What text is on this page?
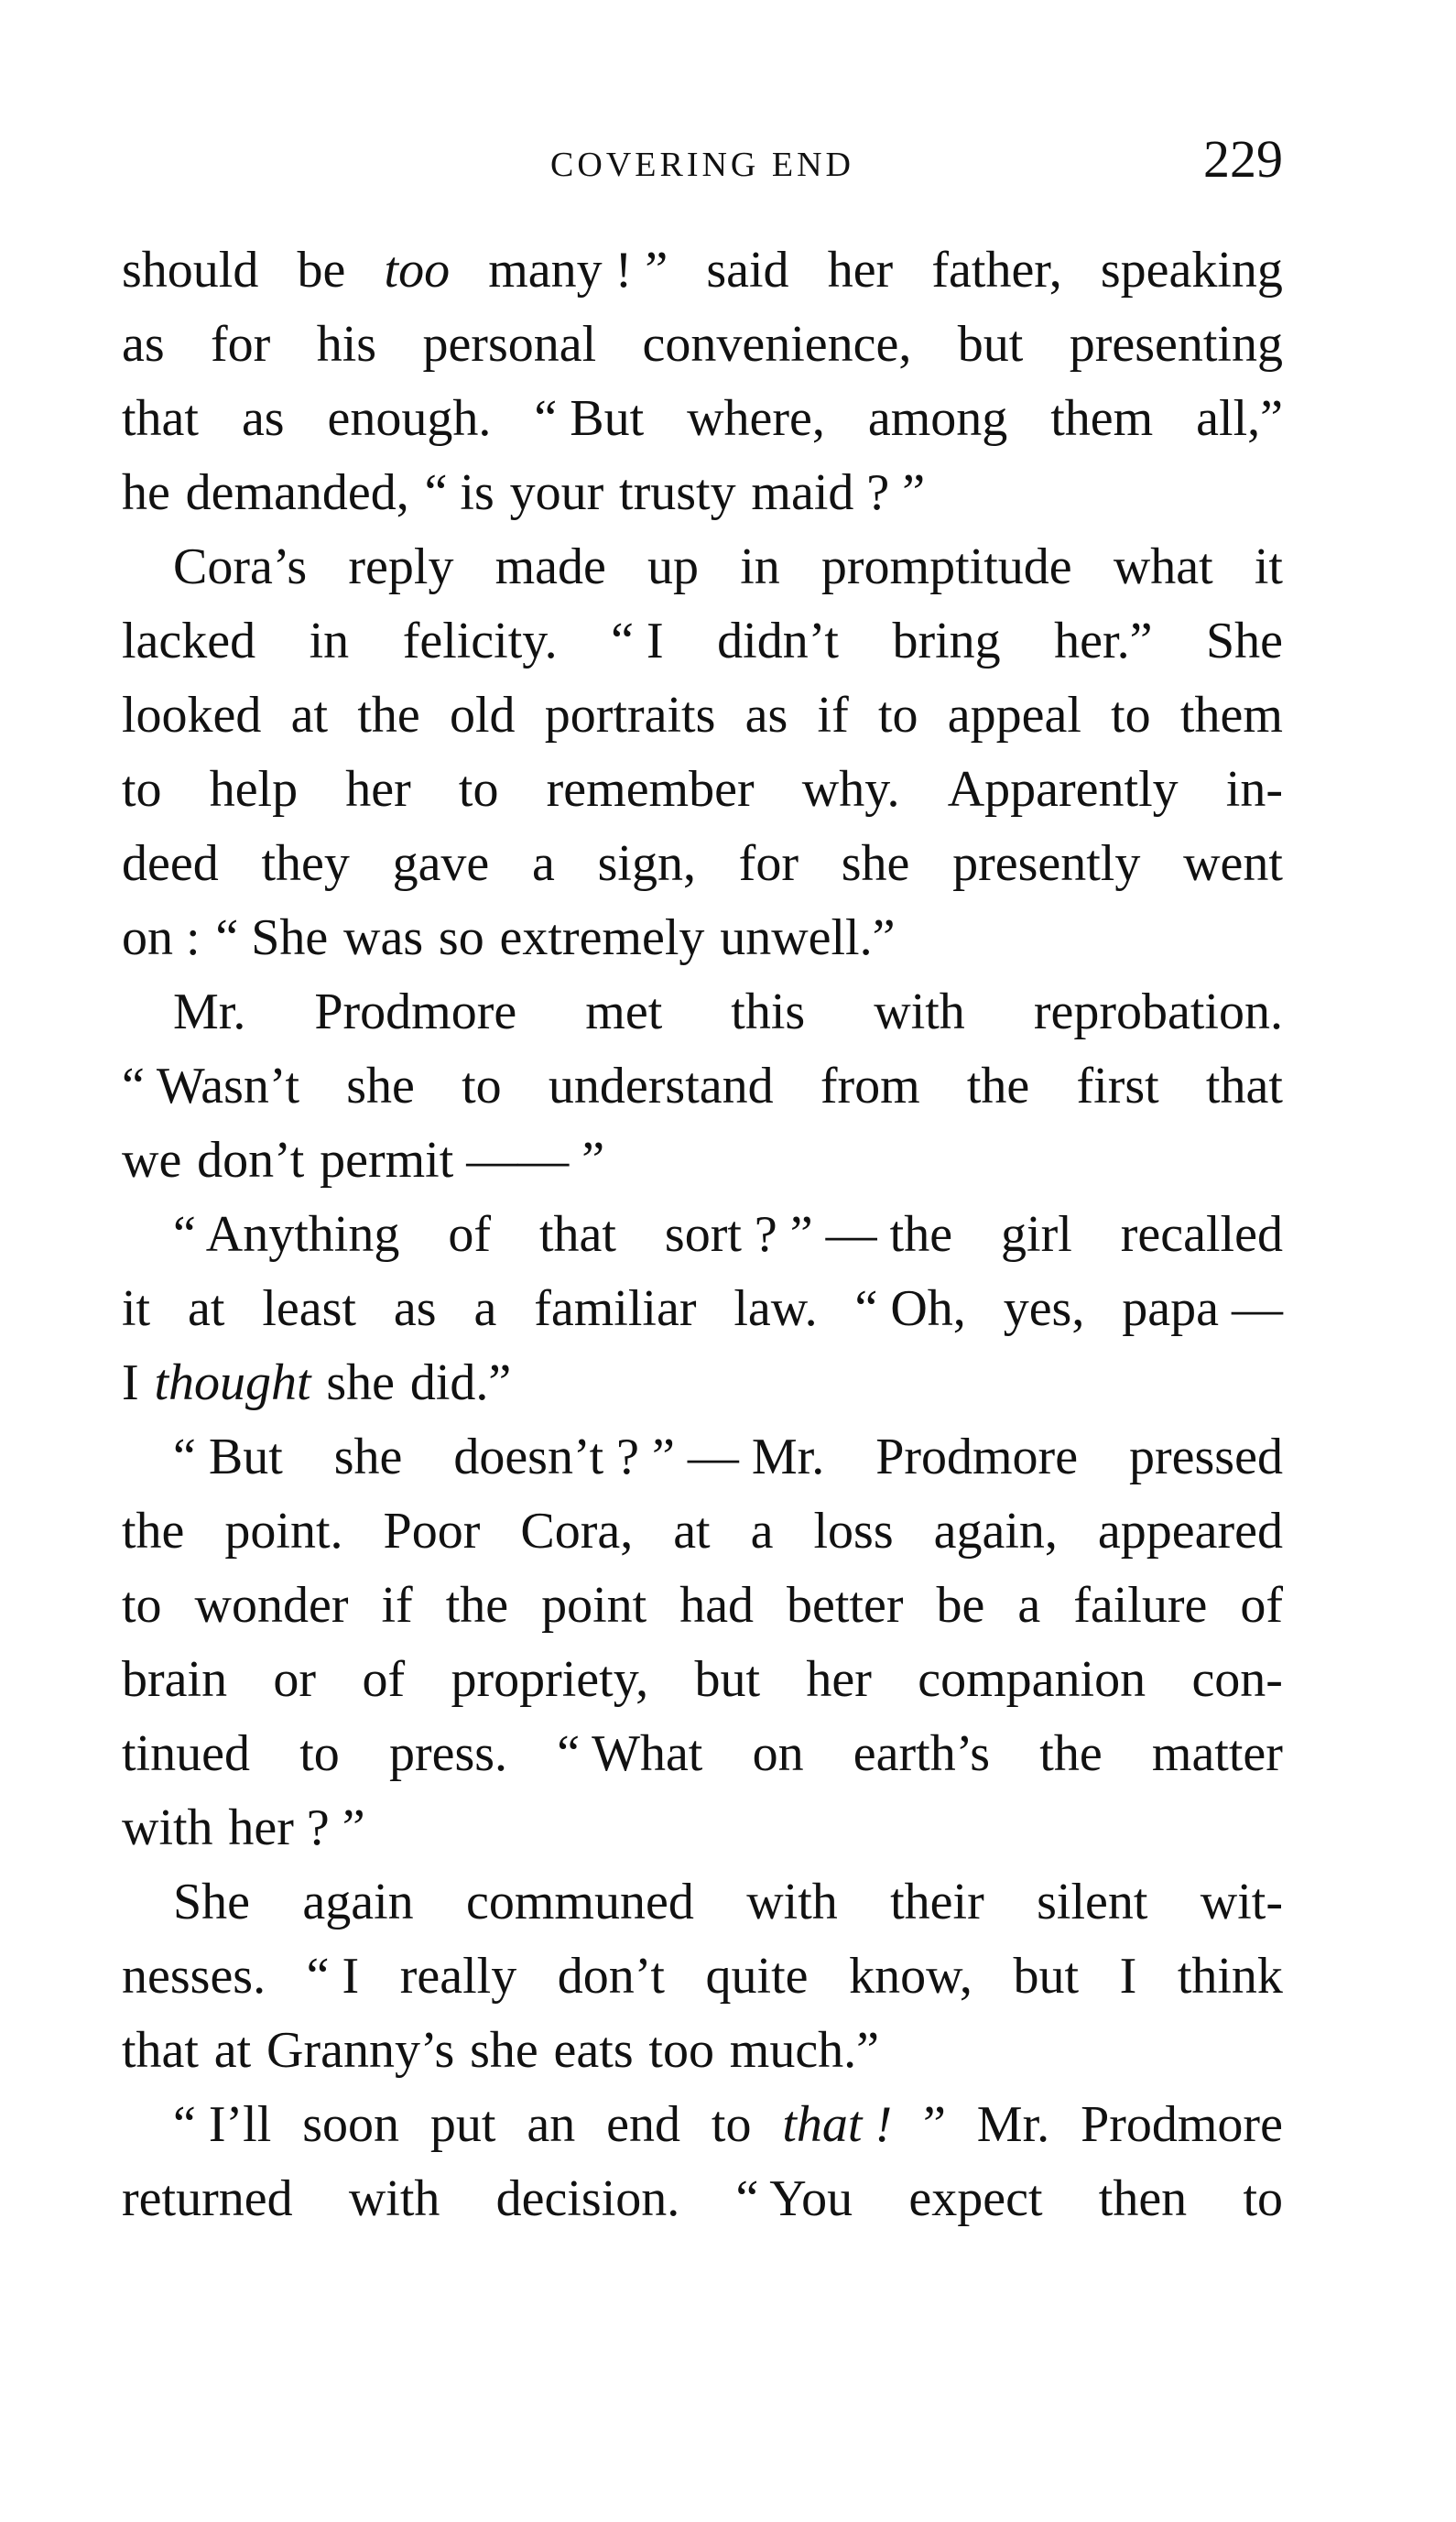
COVERING END	229
should be too many ! ” said her father, speaking
as for his personal convenience, but presenting
that as enough. “ But where, among them all,”
he demanded, “ is your trusty maid ? ”
Cora’s reply made up in promptitude what it
lacked in felicity. “ I didn’t bring her.” She
looked at the old portraits as if to appeal to them
to help her to remember why. Apparently in-
deed they gave a sign, for she presently went
on : “ She was so extremely unwell.”
Mr. Prodmore met this with reprobation.
“ Wasn’t she to understand from the first that
we don’t permit —— ”
“ Anything of that sort ? ” — the girl recalled
it at least as a familiar law. “ Oh, yes, papa —
I thought she did.”
“ But she doesn’t ? ” — Mr. Prodmore pressed
the point. Poor Cora, at a loss again, appeared
to wonder if the point had better be a failure of
brain or of propriety, but her companion con-
tinued to press. “ What on earth’s the matter
with her ? ”
She again communed with their silent wit-
nesses. “ I really don’t quite know, but I think
that at Granny’s she eats too much.”
“ I’ll soon put an end to that ! ” Mr. Prodmore
returned with decision. “ You expect then to
